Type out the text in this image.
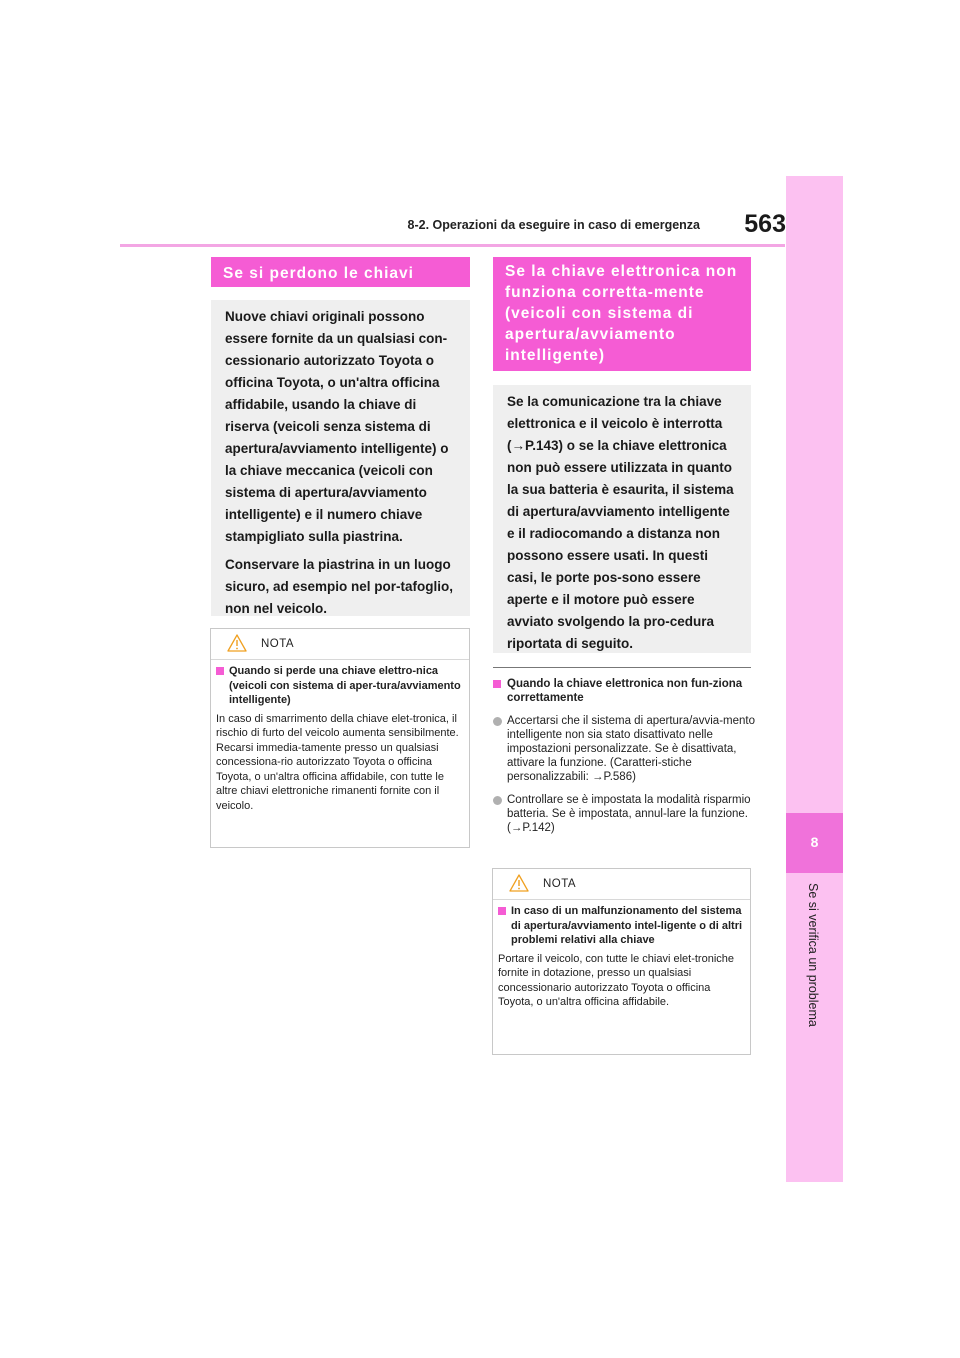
8-2. Operazioni da eseguire in caso di emergenza	563
8
Se si verifica un problema
Se si perdono le chiavi

Nuove chiavi originali possono essere fornite da un qualsiasi con-cessionario autorizzato Toyota o officina Toyota, o un'altra officina affidabile, usando la chiave di riserva (veicoli senza sistema di apertura/avviamento intelligente) o la chiave meccanica (veicoli con sistema di apertura/avviamento intelligente) e il numero chiave stampigliato sulla piastrina.

Conservare la piastrina in un luogo sicuro, ad esempio nel por-tafoglio, non nel veicolo.

NOTA
Quando si perde una chiave elettro-nica (veicoli con sistema di aper-tura/avviamento intelligente)
In caso di smarrimento della chiave elet-tronica, il rischio di furto del veicolo aumenta sensibilmente. Recarsi immedia-tamente presso un qualsiasi concessiona-rio autorizzato Toyota o officina Toyota, o un'altra officina affidabile, con tutte le altre chiavi elettroniche rimanenti fornite con il veicolo.
Se la chiave elettronica non funziona corretta-mente (veicoli con sistema di apertura/avviamento intelligente)

Se la comunicazione tra la chiave elettronica e il veicolo è interrotta (→P.143) o se la chiave elettronica non può essere utilizzata in quanto la sua batteria è esaurita, il sistema di apertura/avviamento intelligente e il radiocomando a distanza non possono essere usati. In questi casi, le porte pos-sono essere aperte e il motore può essere avviato svolgendo la pro-cedura riportata di seguito.

Quando la chiave elettronica non fun-ziona correttamente
Accertarsi che il sistema di apertura/avvia-mento intelligente non sia stato disattivato nelle impostazioni personalizzate. Se è disattivata, attivare la funzione. (Caratteri-stiche personalizzabili: →P.586)
Controllare se è impostata la modalità risparmio batteria. Se è impostata, annul-lare la funzione. (→P.142)
NOTA
In caso di un malfunzionamento del sistema di apertura/avviamento intel-ligente o di altri problemi relativi alla chiave
Portare il veicolo, con tutte le chiavi elet-troniche fornite in dotazione, presso un qualsiasi concessionario autorizzato Toyota o officina Toyota, o un'altra officina affidabile.
